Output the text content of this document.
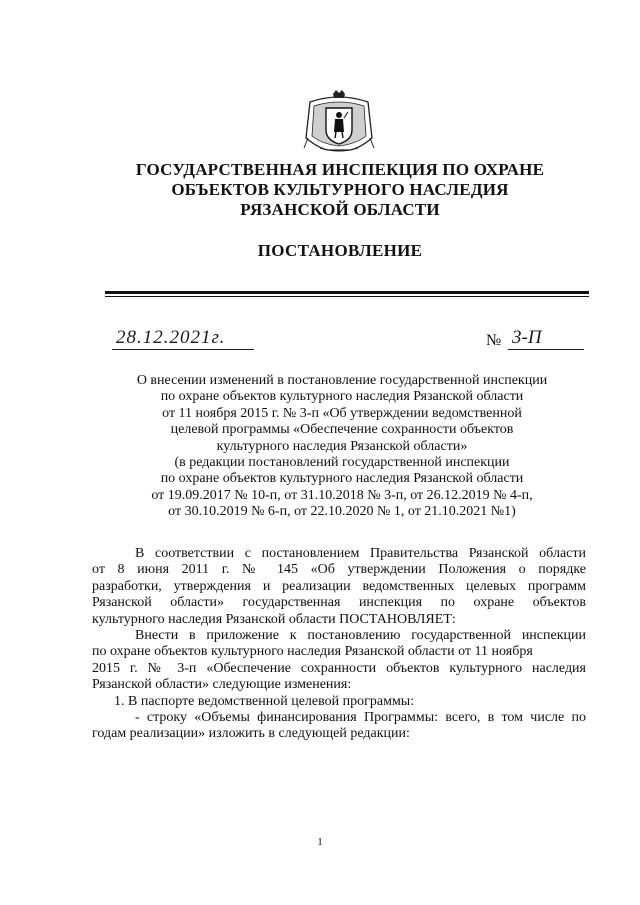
ГОСУДАРСТВЕННАЯ ИНСПЕКЦИЯ ПО ОХРАНЕ
ОБЪЕКТОВ КУЛЬТУРНОГО НАСЛЕДИЯ
РЯЗАНСКОЙ ОБЛАСТИ
ПОСТАНОВЛЕНИЕ
28.12.2021г.	№ 3-П
О внесении изменений в постановление государственной инспекции
по охране объектов культурного наследия Рязанской области
от 11 ноября 2015 г. № 3-п «Об утверждении ведомственной
целевой программы «Обеспечение сохранности объектов
культурного наследия Рязанской области»
(в редакции постановлений государственной инспекции
по охране объектов культурного наследия Рязанской области
от 19.09.2017 № 10-п, от 31.10.2018 № 3-п, от 26.12.2019 № 4-п,
от 30.10.2019 № 6-п, от 22.10.2020 № 1, от 21.10.2021 №1)
В соответствии с постановлением Правительства Рязанской области
от 8 июня 2011 г. № 145 «Об утверждении Положения о порядке
разработки, утверждения и реализации ведомственных целевых программ
Рязанской области» государственная инспекция по охране объектов
культурного наследия Рязанской области ПОСТАНОВЛЯЕТ:
Внести в приложение к постановлению государственной инспекции
по охране объектов культурного наследия Рязанской области от 11 ноября
2015 г. № 3-п «Обеспечение сохранности объектов культурного наследия
Рязанской области» следующие изменения:
1. В паспорте ведомственной целевой программы:
- строку «Объемы финансирования Программы: всего, в том числе по
годам реализации» изложить в следующей редакции:
1
